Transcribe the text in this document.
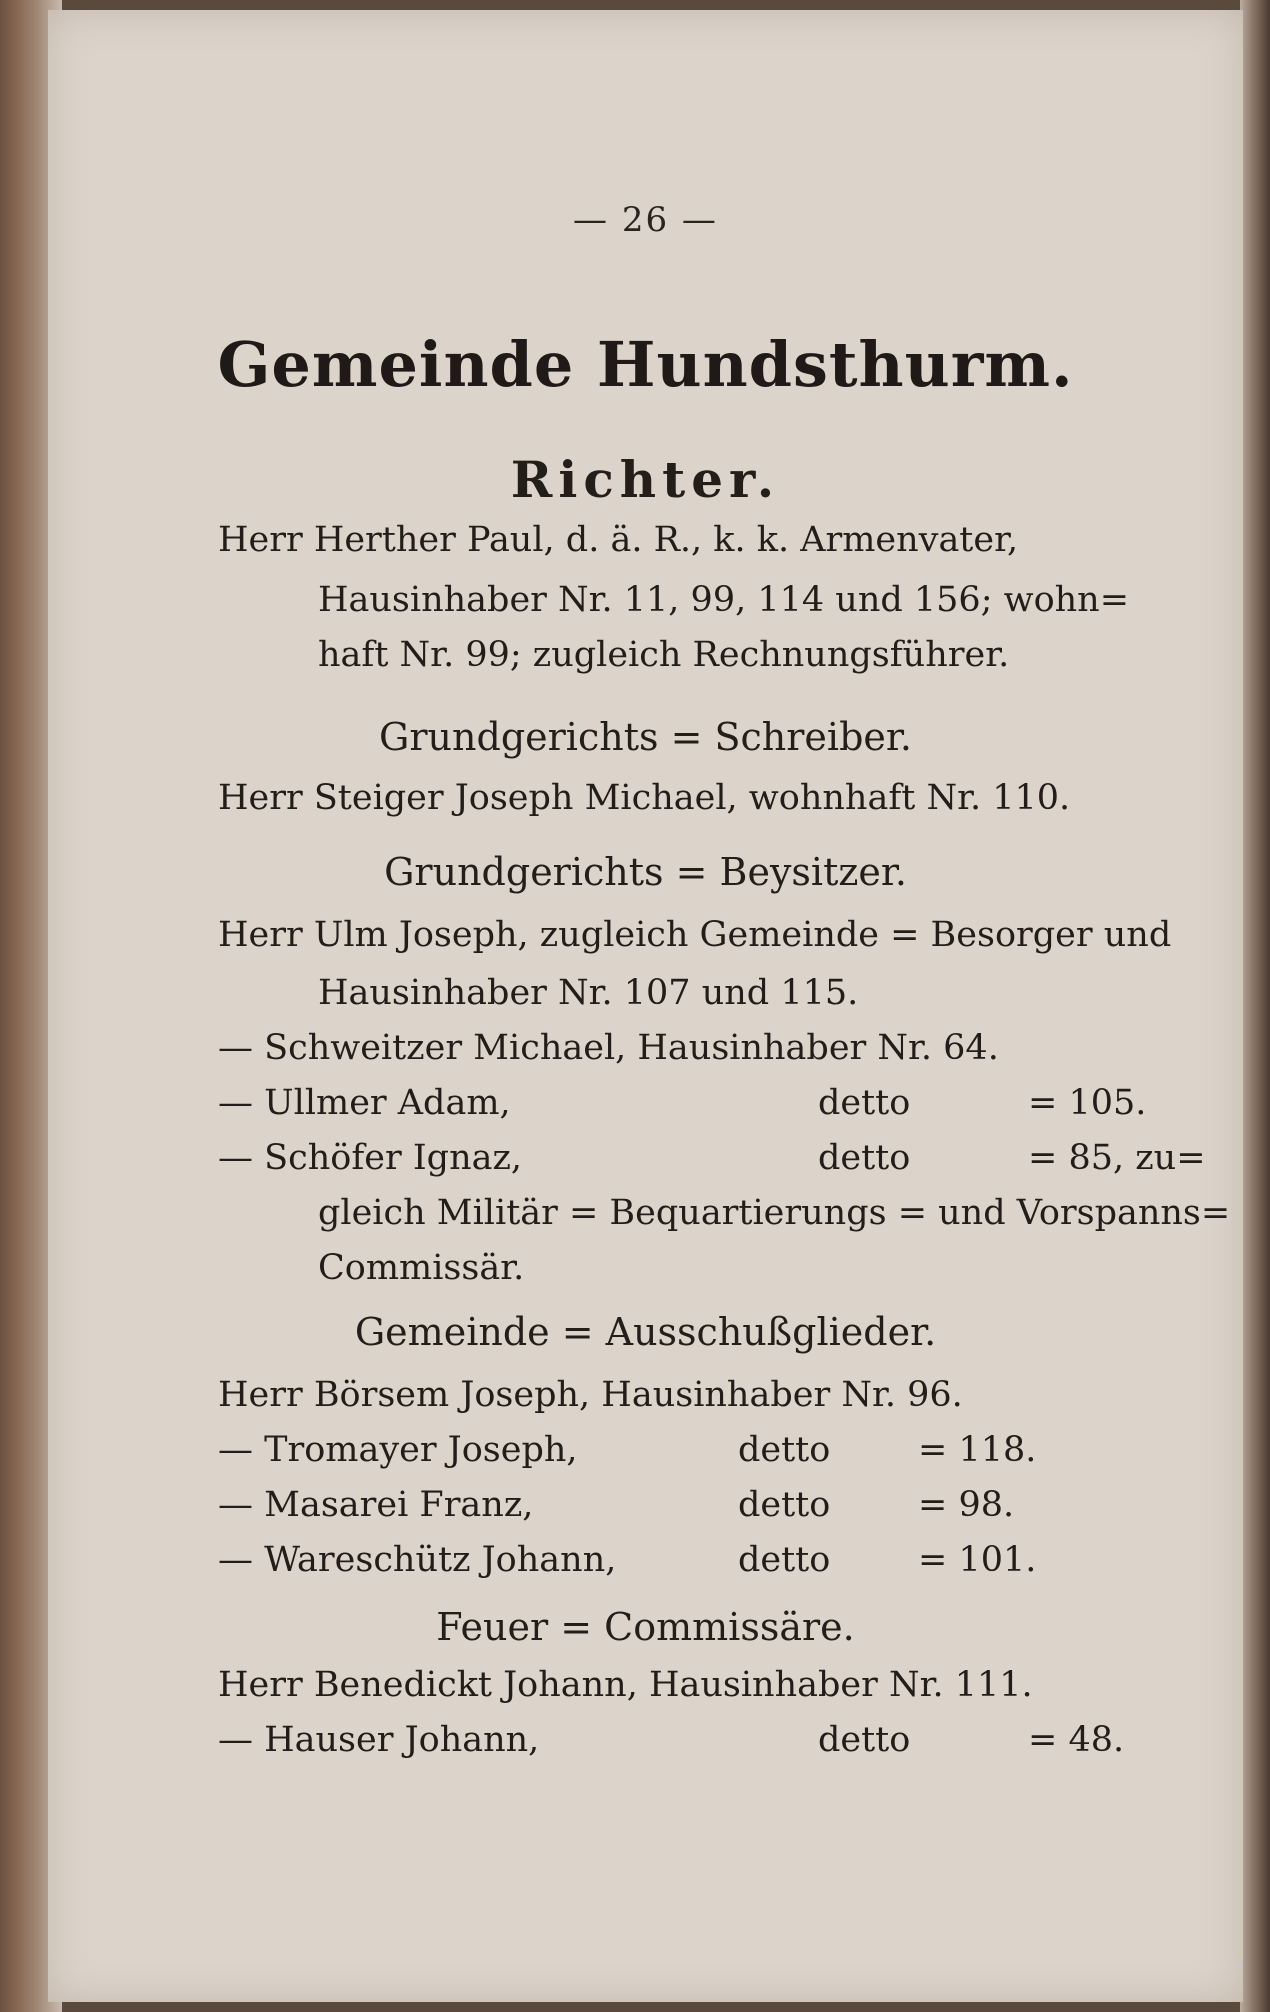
— 26 —
Gemeinde Hundsthurm.
Richter.
Herr Herther Paul, d. ä. R., k. k. Armenvater,
Hausinhaber Nr. 11, 99, 114 und 156; wohn=
haft Nr. 99; zugleich Rechnungsführer.
Grundgerichts = Schreiber.
Herr Steiger Joseph Michael, wohnhaft Nr. 110.
Grundgerichts = Beysitzer.
Herr Ulm Joseph, zugleich Gemeinde = Besorger und
Hausinhaber Nr. 107 und 115.
— Schweitzer Michael, Hausinhaber Nr. 64.
— Ullmer Adam,	detto	= 105.
— Schöfer Ignaz,	detto	= 85, zu=
gleich Militär = Bequartierungs = und Vorspanns=
Commissär.
Gemeinde = Ausschußglieder.
Herr Börsem Joseph, Hausinhaber Nr. 96.
— Tromayer Joseph,	detto	= 118.
— Masarei Franz,	detto	= 98.
— Wareschütz Johann,	detto	= 101.
Feuer = Commissäre.
Herr Benedickt Johann, Hausinhaber Nr. 111.
— Hauser Johann,	detto	= 48.
